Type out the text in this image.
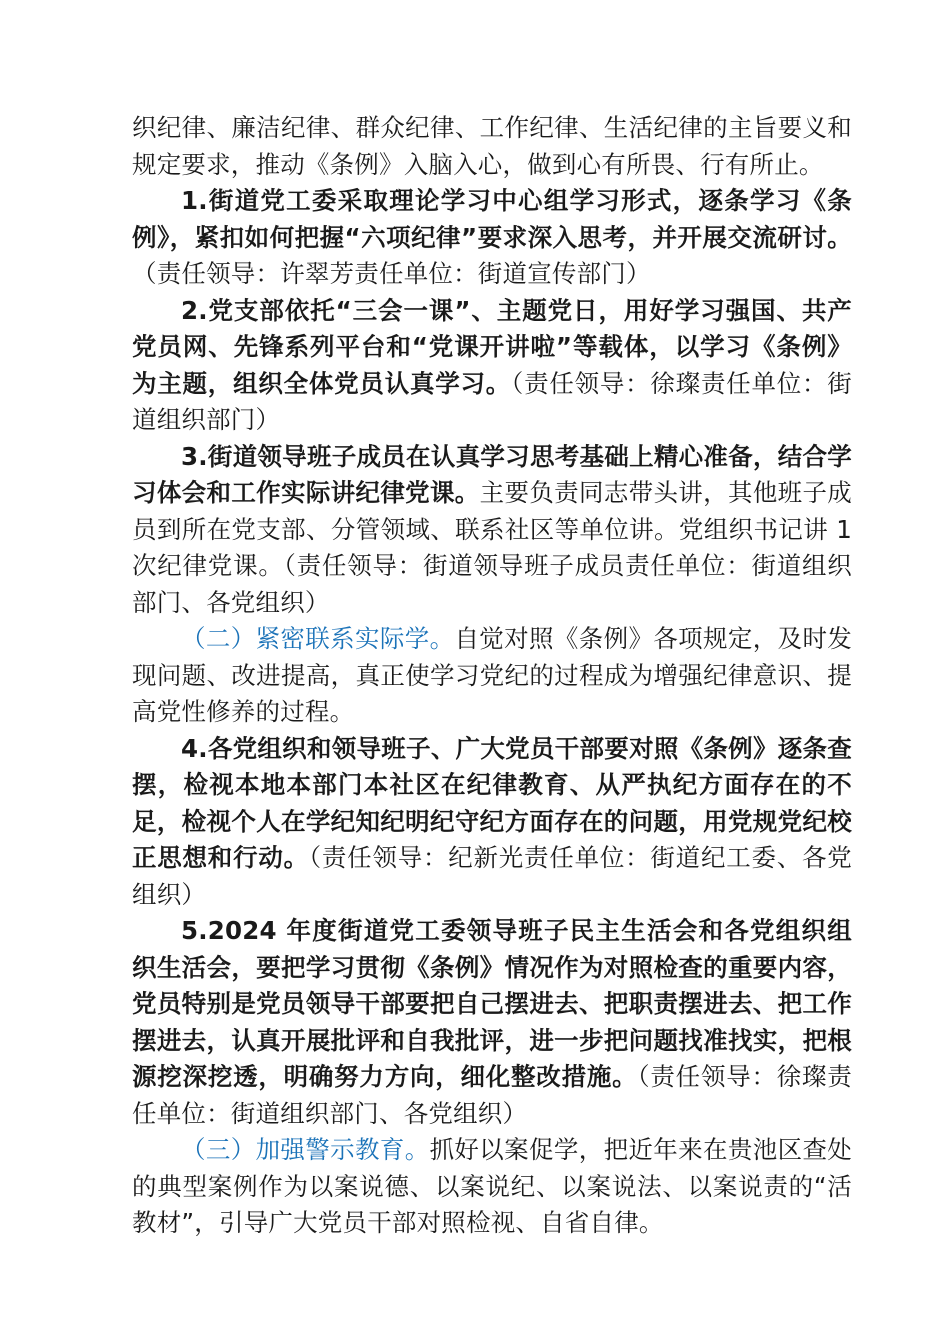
织纪律、廉洁纪律、群众纪律、工作纪律、生活纪律的主旨要义和规定要求，推动《条例》入脑入心，做到心有所畏、行有所止。

1.街道党工委采取理论学习中心组学习形式，逐条学习《条例》，紧扣如何把握“六项纪律”要求深入思考，并开展交流研讨。（责任领导：许翠芳责任单位：街道宣传部门）

2.党支部依托“三会一课”、主题党日，用好学习强国、共产党员网、先锋系列平台和“党课开讲啦”等载体，以学习《条例》为主题，组织全体党员认真学习。（责任领导：徐璨责任单位：街道组织部门）

3.街道领导班子成员在认真学习思考基础上精心准备，结合学习体会和工作实际讲纪律党课。主要负责同志带头讲，其他班子成员到所在党支部、分管领域、联系社区等单位讲。党组织书记讲 1 次纪律党课。（责任领导：街道领导班子成员责任单位：街道组织部门、各党组织）

（二）紧密联系实际学。自觉对照《条例》各项规定，及时发现问题、改进提高，真正使学习党纪的过程成为增强纪律意识、提高党性修养的过程。

4.各党组织和领导班子、广大党员干部要对照《条例》逐条查摆，检视本地本部门本社区在纪律教育、从严执纪方面存在的不足，检视个人在学纪知纪明纪守纪方面存在的问题，用党规党纪校正思想和行动。（责任领导：纪新光责任单位：街道纪工委、各党组织）

5.2024 年度街道党工委领导班子民主生活会和各党组织组织生活会，要把学习贯彻《条例》情况作为对照检查的重要内容，党员特别是党员领导干部要把自己摆进去、把职责摆进去、把工作摆进去，认真开展批评和自我批评，进一步把问题找准找实，把根源挖深挖透，明确努力方向，细化整改措施。（责任领导：徐璨责任单位：街道组织部门、各党组织）

（三）加强警示教育。抓好以案促学，把近年来在贵池区查处的典型案例作为以案说德、以案说纪、以案说法、以案说责的“活教材”，引导广大党员干部对照检视、自省自律。
